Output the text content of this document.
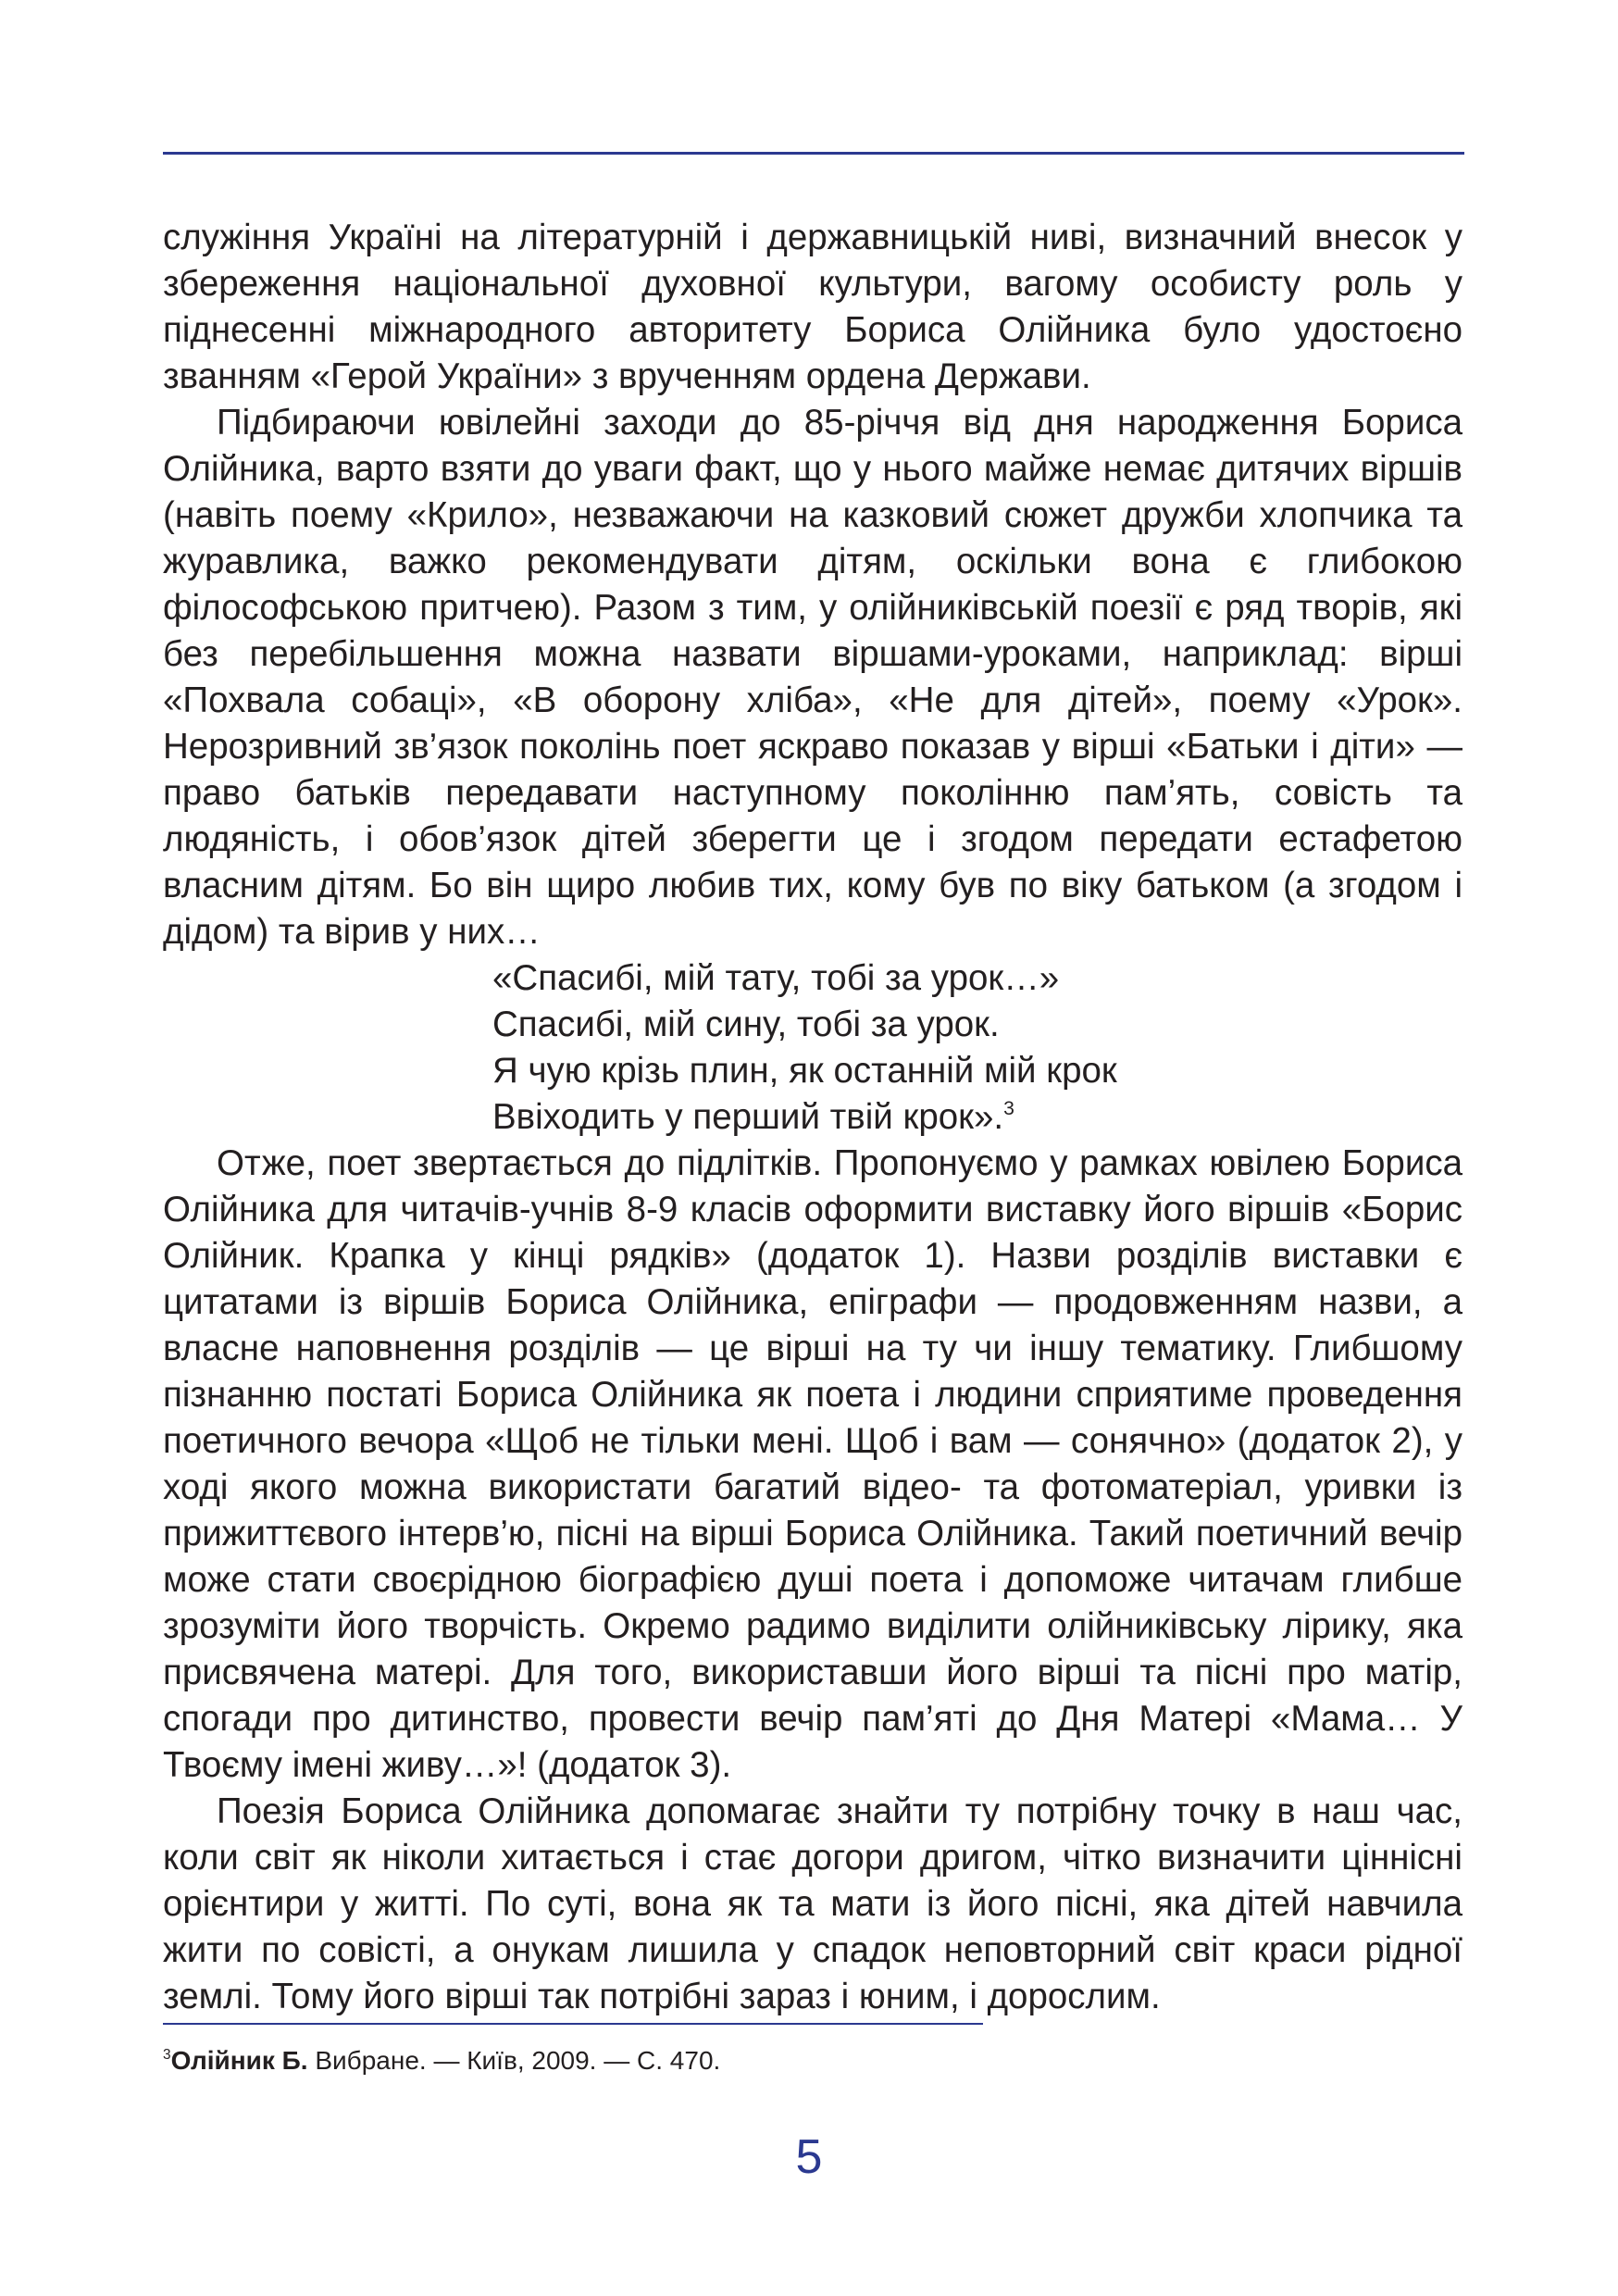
служіння Україні на літературній і державницькій ниві, визначний внесок у збереження національної духовної культури, вагому особисту роль у піднесенні міжнародного авторитету Бориса Олійника було удостоєно званням «Герой України» з врученням ордена Держави.

Підбираючи ювілейні заходи до 85-річчя від дня народження Бориса Олійника, варто взяти до уваги факт, що у нього майже немає дитячих віршів (навіть поему «Крило», незважаючи на казковий сюжет дружби хлопчика та журавлика, важко рекомендувати дітям, оскільки вона є глибокою філософською притчею). Разом з тим, у олійниківській поезії є ряд творів, які без перебільшення можна назвати віршами-уроками, наприклад: вірші «Похвала собаці», «В оборону хліба», «Не для дітей», поему «Урок». Нерозривний зв’язок поколінь поет яскраво показав у вірші «Батьки і діти» — право батьків передавати наступному поколінню пам’ять, совість та людяність, і обов’язок дітей зберегти це і згодом передати естафетою власним дітям. Бо він щиро любив тих, кому був по віку батьком (а згодом і дідом) та вірив у них…

«Спасибі, мій тату, тобі за урок…»
Спасибі, мій сину, тобі за урок.
Я чую крізь плин, як останній мій крок
Ввіходить у перший твій крок».$^3$

Отже, поет звертається до підлітків. Пропонуємо у рамках ювілею Бориса Олійника для читачів-учнів 8-9 класів оформити виставку його віршів «Борис Олійник. Крапка у кінці рядків» (додаток 1). Назви розділів виставки є цитатами із віршів Бориса Олійника, епіграфи — продовженням назви, а власне наповнення розділів — це вірші на ту чи іншу тематику. Глибшому пізнанню постаті Бориса Олійника як поета і людини сприятиме проведення поетичного вечора «Щоб не тільки мені. Щоб і вам — сонячно» (додаток 2), у ході якого можна використати багатий відео- та фотоматеріал, уривки із прижиттєвого інтерв’ю, пісні на вірші Бориса Олійника. Такий поетичний вечір може стати своєрідною біографією душі поета і допоможе читачам глибше зрозуміти його творчість. Окремо радимо виділити олійниківську лірику, яка присвячена матері. Для того, використавши його вірші та пісні про матір, спогади про дитинство, провести вечір пам’яті до Дня Матері «Мама… У Твоєму імені живу…»! (додаток 3).

Поезія Бориса Олійника допомагає знайти ту потрібну точку в наш час, коли світ як ніколи хитається і стає догори дригом, чітко визначити ціннісні орієнтири у житті. По суті, вона як та мати із його пісні, яка дітей навчила жити по совісті, а онукам лишила у спадок неповторний світ краси рідної землі. Тому його вірші так потрібні зараз і юним, і дорослим.

$^3$Олійник Б. Вибране. — Київ, 2009. — С. 470.
5
